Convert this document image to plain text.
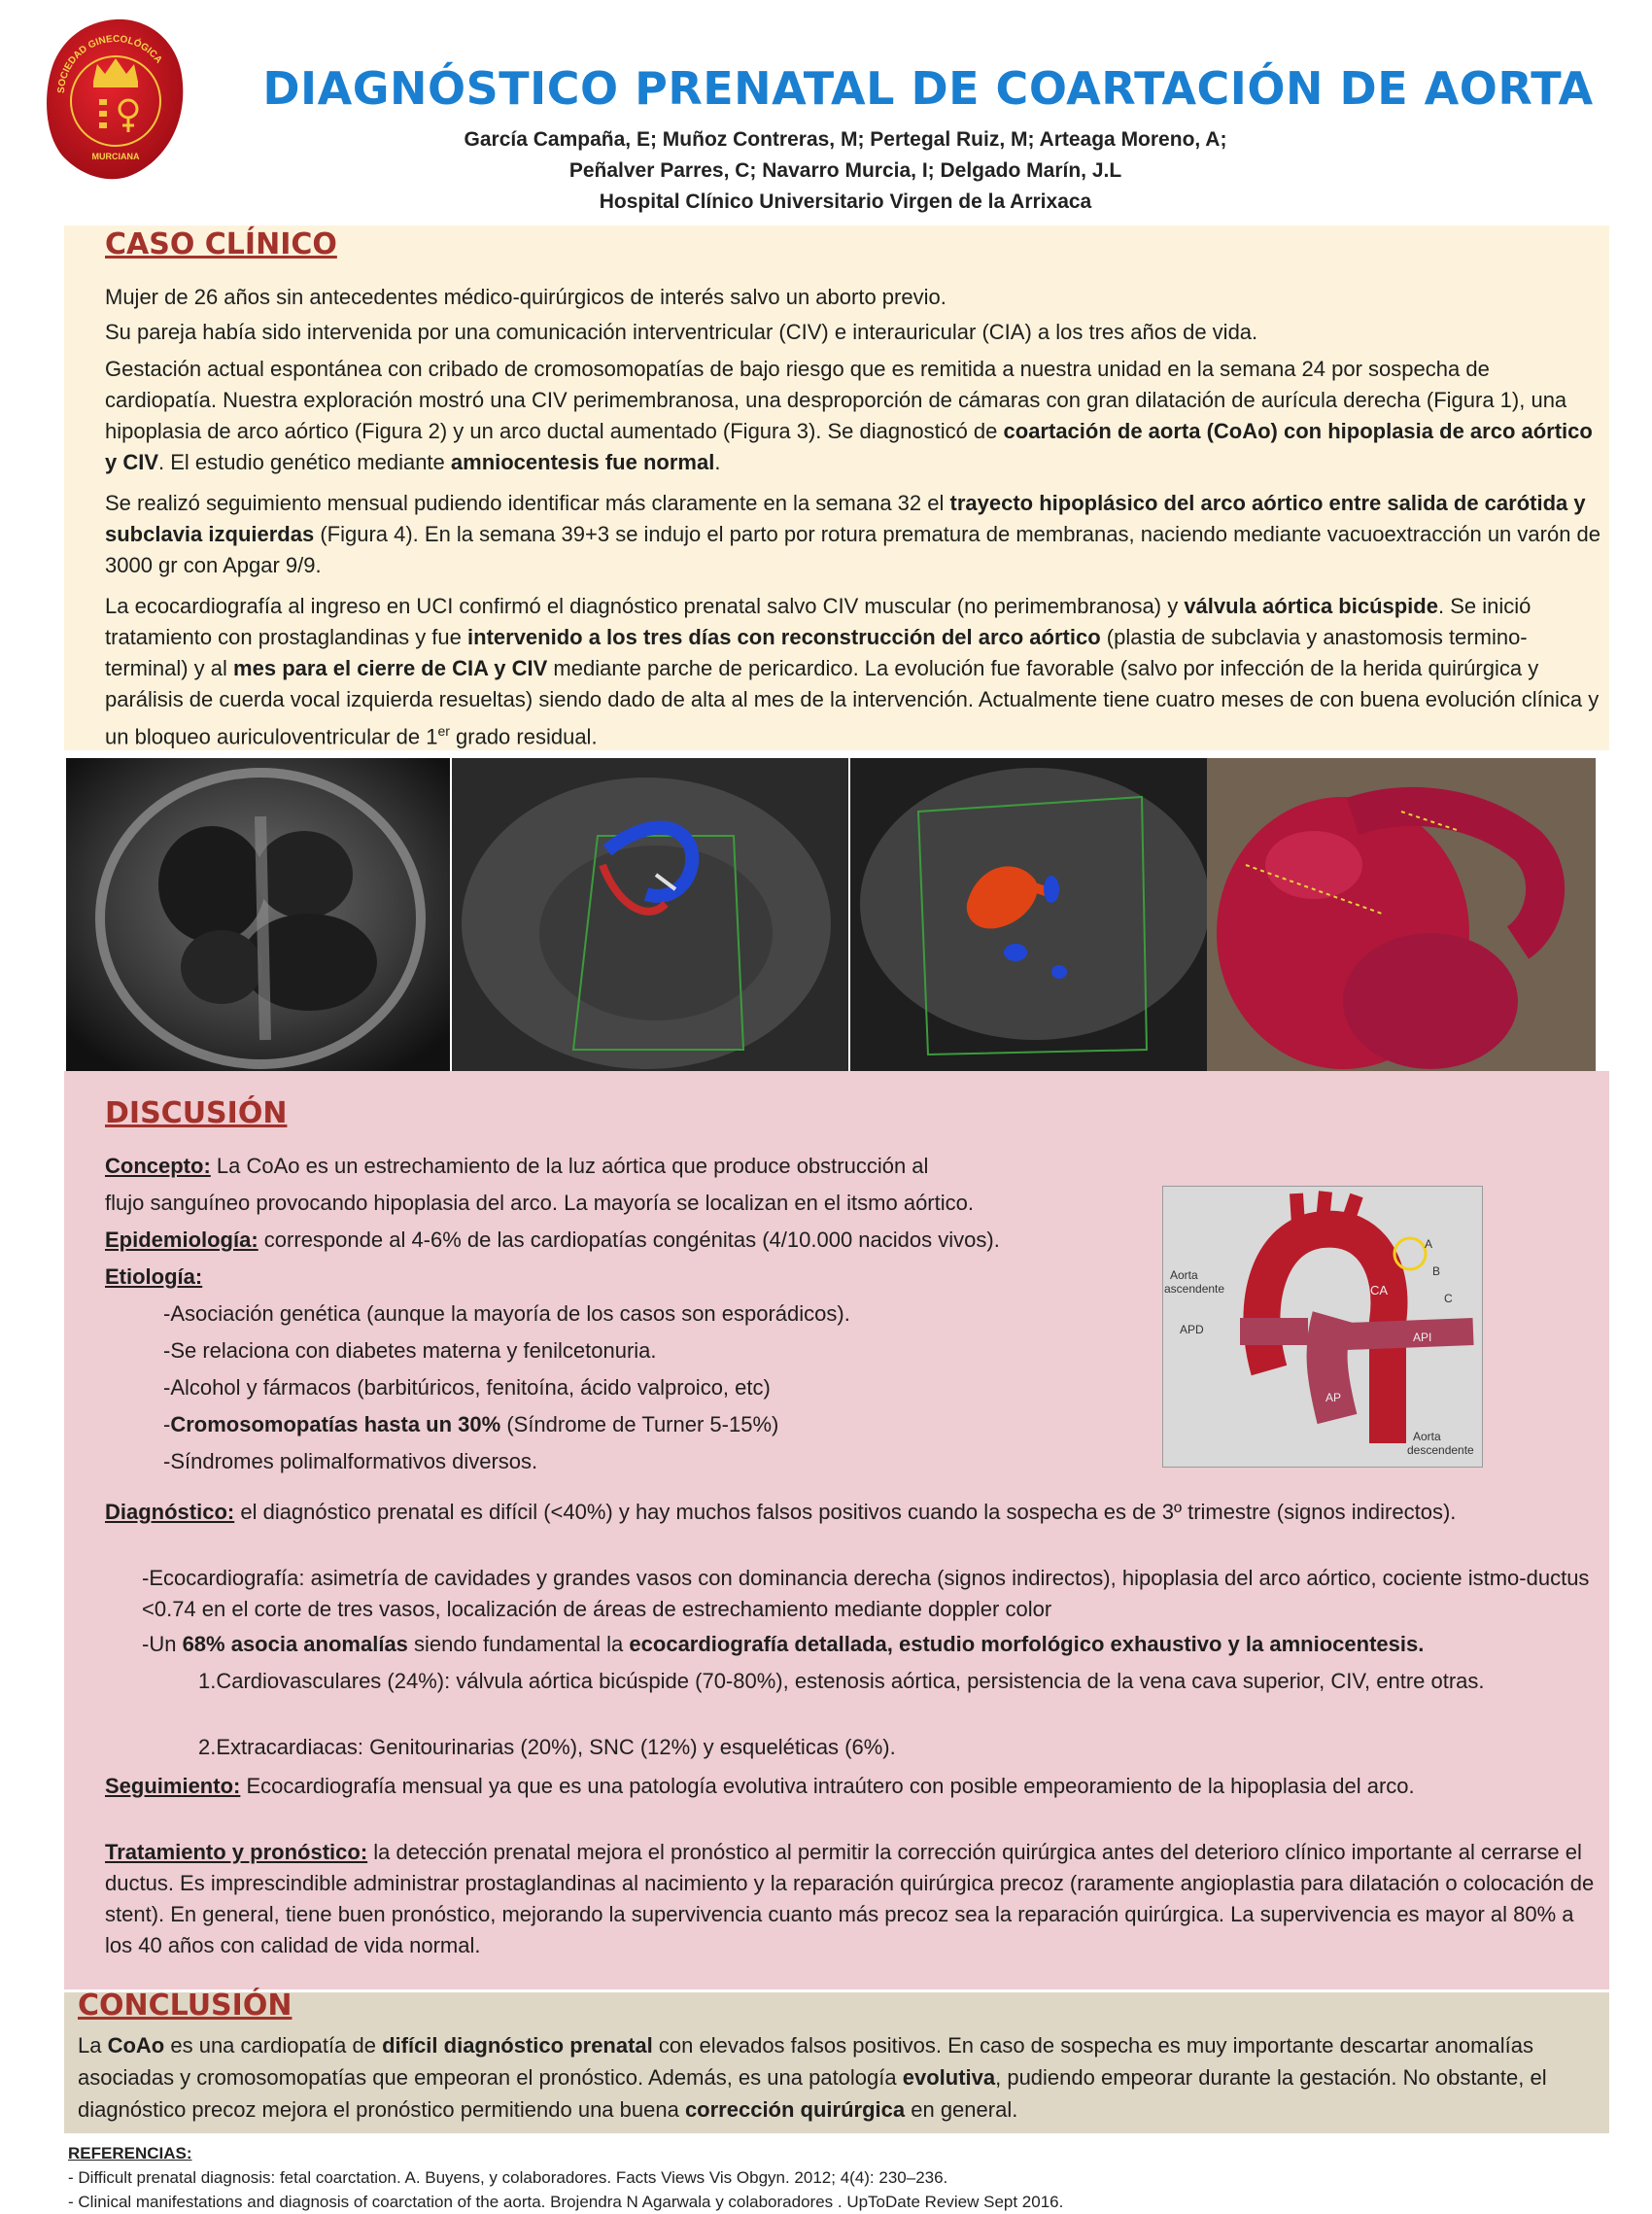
SOCIEDAD GINECOLÓGICA
MURCIANA
DIAGNÓSTICO PRENATAL DE COARTACIÓN DE AORTA
García Campaña, E; Muñoz Contreras, M; Pertegal Ruiz, M; Arteaga Moreno, A;
Peñalver Parres, C; Navarro Murcia, I; Delgado Marín, J.L
Hospital Clínico Universitario Virgen de la Arrixaca
CASO CLÍNICO
Mujer de 26 años sin antecedentes médico-quirúrgicos de interés salvo un aborto previo.
Su pareja había sido intervenida por una comunicación interventricular (CIV) e interauricular (CIA) a los tres años de vida.
Gestación actual espontánea con cribado de cromosomopatías de bajo riesgo que es remitida a nuestra unidad en la semana 24 por sospecha de cardiopatía. Nuestra exploración mostró una CIV perimembranosa, una desproporción de cámaras con gran dilatación de aurícula derecha (Figura 1), una hipoplasia de arco aórtico (Figura 2) y un arco ductal aumentado (Figura 3). Se diagnosticó de coartación de aorta (CoAo) con hipoplasia de arco aórtico y CIV. El estudio genético mediante amniocentesis fue normal.
Se realizó seguimiento mensual pudiendo identificar más claramente en la semana 32 el trayecto hipoplásico del arco aórtico entre salida de carótida y subclavia izquierdas (Figura 4). En la semana 39+3 se indujo el parto por rotura prematura de membranas, naciendo mediante vacuoextracción un varón de 3000 gr con Apgar 9/9.
La ecocardiografía al ingreso en UCI confirmó el diagnóstico prenatal salvo CIV muscular (no perimembranosa) y válvula aórtica bicúspide. Se inició tratamiento con prostaglandinas y fue intervenido a los tres días con reconstrucción del arco aórtico (plastia de subclavia y anastomosis termino-terminal) y al mes para el cierre de CIA y CIV mediante parche de pericardico. La evolución fue favorable (salvo por infección de la herida quirúrgica y parálisis de cuerda vocal izquierda resueltas) siendo dado de alta al mes de la intervención. Actualmente tiene cuatro meses de con buena evolución clínica y un bloqueo auriculoventricular de 1er grado residual.
DISCUSIÓN
Concepto: La CoAo es un estrechamiento de la luz aórtica que produce obstrucción al
flujo sanguíneo provocando hipoplasia del arco. La mayoría se localizan en el itsmo aórtico.
Epidemiología: corresponde al 4-6% de las cardiopatías congénitas (4/10.000 nacidos vivos).
Etiología:
-Asociación genética (aunque la mayoría de los casos son esporádicos).
-Se relaciona con diabetes materna y fenilcetonuria.
-Alcohol y fármacos (barbitúricos, fenitoína, ácido valproico, etc)
-Cromosomopatías hasta un 30% (Síndrome de Turner 5-15%)
-Síndromes polimalformativos diversos.
A
B
C
CA
Aorta
ascendente
APD
API
AP
Aorta
descendente
Diagnóstico: el diagnóstico prenatal es difícil (<40%) y hay muchos falsos positivos cuando la sospecha es de 3º trimestre (signos indirectos).
-Ecocardiografía: asimetría de cavidades y grandes vasos con dominancia derecha (signos indirectos), hipoplasia del arco aórtico, cociente istmo-ductus <0.74 en el corte de tres vasos, localización de áreas de estrechamiento mediante doppler color
-Un 68% asocia anomalías siendo fundamental la ecocardiografía detallada, estudio morfológico exhaustivo y la amniocentesis.
1.Cardiovasculares (24%): válvula aórtica bicúspide (70-80%), estenosis aórtica, persistencia de la vena cava superior, CIV, entre otras.
2.Extracardiacas: Genitourinarias (20%), SNC (12%) y esqueléticas (6%).
Seguimiento: Ecocardiografía mensual ya que es una patología evolutiva intraútero con posible empeoramiento de la hipoplasia del arco.
Tratamiento y pronóstico: la detección prenatal mejora el pronóstico al permitir la corrección quirúrgica antes del deterioro clínico importante al cerrarse el ductus. Es imprescindible administrar prostaglandinas al nacimiento y la reparación quirúrgica precoz (raramente angioplastia para dilatación o colocación de stent). En general, tiene buen pronóstico, mejorando la supervivencia cuanto más precoz sea la reparación quirúrgica. La supervivencia es mayor al 80% a los 40 años con calidad de vida normal.
CONCLUSIÓN
La CoAo es una cardiopatía de difícil diagnóstico prenatal con elevados falsos positivos. En caso de sospecha es muy importante descartar anomalías asociadas y cromosomopatías que empeoran el pronóstico. Además, es una patología evolutiva, pudiendo empeorar durante la gestación. No obstante, el diagnóstico precoz mejora el pronóstico permitiendo una buena corrección quirúrgica en general.
REFERENCIAS:
- Difficult prenatal diagnosis: fetal coarctation. A. Buyens, y colaboradores. Facts Views Vis Obgyn. 2012; 4(4): 230–236.
- Clinical manifestations and diagnosis of coarctation of the aorta. Brojendra N Agarwala y colaboradores . UpToDate Review Sept 2016.
